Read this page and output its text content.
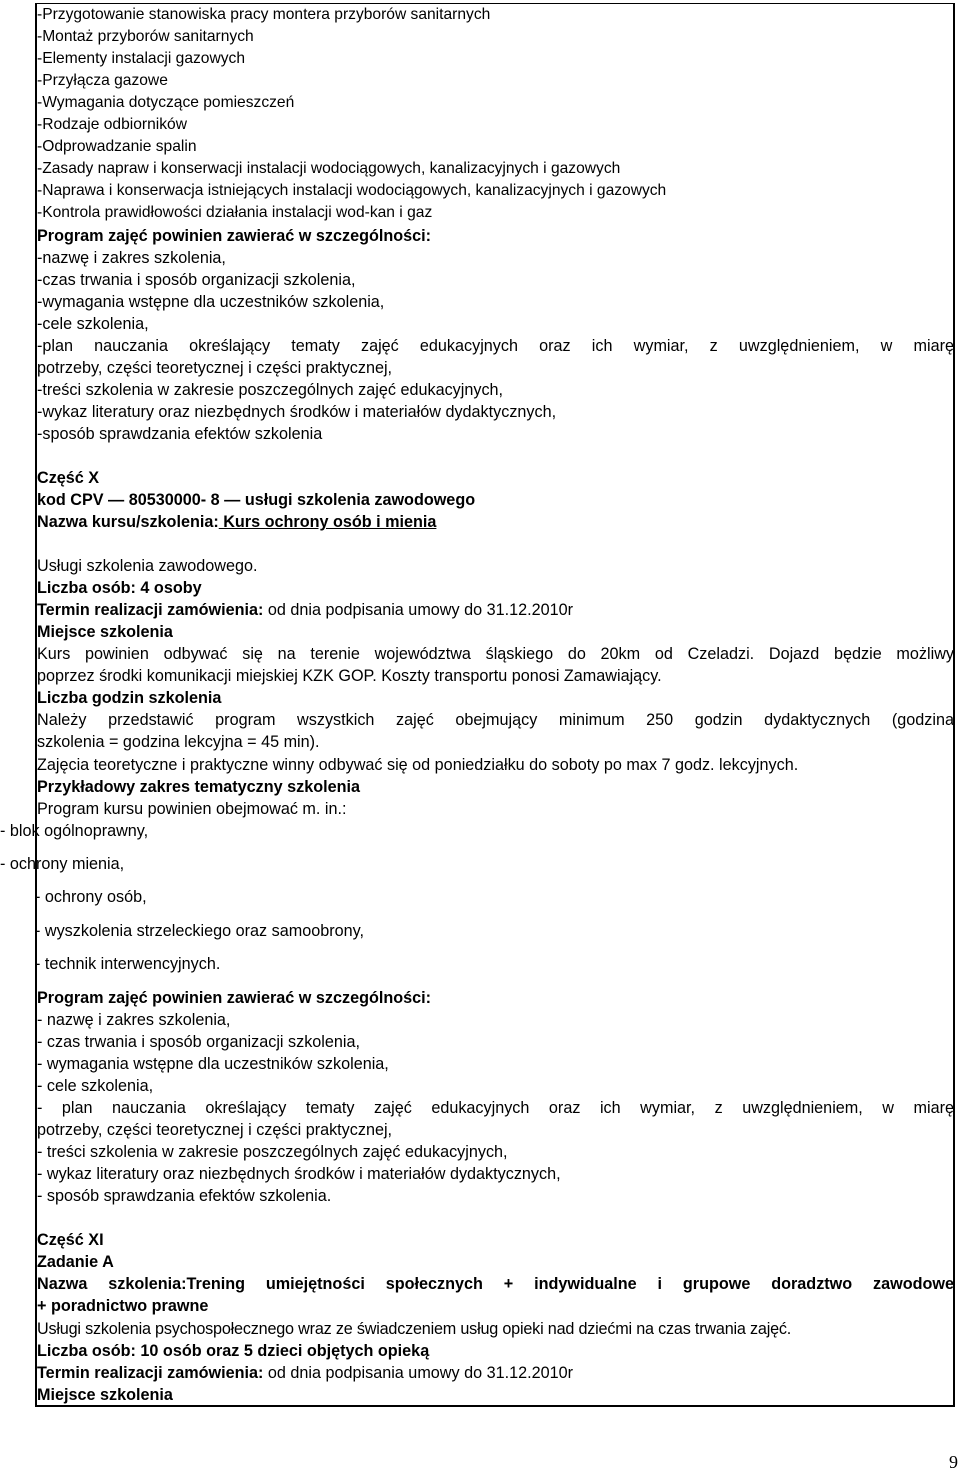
-Przygotowanie stanowiska pracy montera przyborów sanitarnych
-Montaż przyborów sanitarnych
-Elementy instalacji gazowych
-Przyłącza gazowe
-Wymagania dotyczące pomieszczeń
-Rodzaje odbiorników
-Odprowadzanie spalin
-Zasady napraw i konserwacji instalacji wodociągowych, kanalizacyjnych i gazowych
-Naprawa i konserwacja istniejących instalacji wodociągowych, kanalizacyjnych i gazowych
-Kontrola prawidłowości działania instalacji wod-kan i gaz
Program zajęć powinien zawierać w szczególności:
-nazwę i zakres szkolenia,
-czas trwania i sposób organizacji szkolenia,
-wymagania wstępne dla uczestników szkolenia,
-cele szkolenia,
-plan nauczania określający tematy zajęć edukacyjnych oraz ich wymiar, z uwzględnieniem, w miarę
potrzeby, części teoretycznej i części praktycznej,
-treści szkolenia w zakresie poszczególnych zajęć edukacyjnych,
-wykaz literatury oraz niezbędnych środków i materiałów dydaktycznych,
-sposób sprawdzania efektów szkolenia
Część X
kod CPV ― 80530000- 8 ― usługi szkolenia zawodowego
Nazwa kursu/szkolenia: Kurs ochrony osób i mienia
Usługi szkolenia zawodowego.
Liczba osób: 4 osoby
Termin realizacji zamówienia: od dnia podpisania umowy do 31.12.2010r
Miejsce szkolenia
Kurs powinien odbywać się na terenie województwa śląskiego do 20km od Czeladzi. Dojazd będzie możliwy
poprzez środki komunikacji miejskiej KZK GOP. Koszty transportu ponosi Zamawiający.
Liczba godzin szkolenia
Należy przedstawić program wszystkich zajęć obejmujący minimum 250 godzin dydaktycznych (godzina
szkolenia = godzina lekcyjna = 45 min).
Zajęcia teoretyczne i praktyczne winny odbywać się od poniedziałku do soboty po max 7 godz. lekcyjnych.
Przykładowy zakres tematyczny szkolenia
Program kursu powinien obejmować m. in.:
- blok ogólnoprawny,
- ochrony mienia,
- ochrony osób,
- wyszkolenia strzeleckiego oraz samoobrony,
- technik interwencyjnych.
Program zajęć powinien zawierać w szczególności:
- nazwę i zakres szkolenia,
- czas trwania i sposób organizacji szkolenia,
- wymagania wstępne dla uczestników szkolenia,
- cele szkolenia,
- plan nauczania określający tematy zajęć edukacyjnych oraz ich wymiar, z uwzględnieniem, w miarę
potrzeby, części teoretycznej i części praktycznej,
- treści szkolenia w zakresie poszczególnych zajęć edukacyjnych,
- wykaz literatury oraz niezbędnych środków i materiałów dydaktycznych,
- sposób sprawdzania efektów szkolenia.
Część XI
Zadanie A
Nazwa szkolenia:Trening umiejętności społecznych + indywidualne i grupowe doradztwo zawodowe
+ poradnictwo prawne
Usługi szkolenia psychospołecznego wraz ze świadczeniem usług opieki nad dziećmi na czas trwania zajęć.
Liczba osób: 10 osób oraz 5 dzieci objętych opieką
Termin realizacji zamówienia: od dnia podpisania umowy do 31.12.2010r
Miejsce szkolenia
9
